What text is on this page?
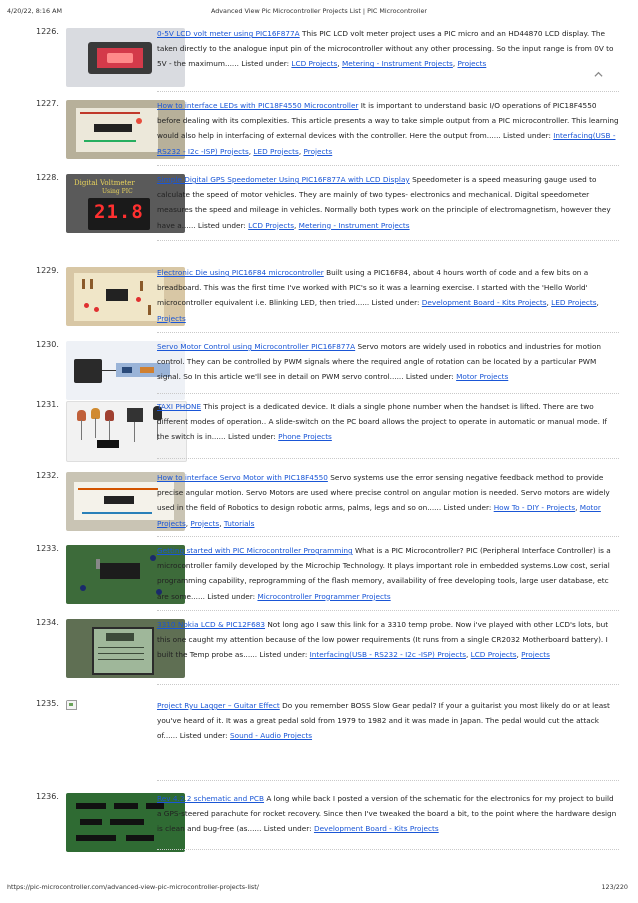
4/20/22, 8:16 AM	Advanced View Pic Microcontroller Projects List | PIC Microcontroller
1226.	0-5V LCD volt meter using PIC16F877A This PIC LCD volt meter project uses a PIC micro and an HD44870 LCD display. The taken directly to the analogue input pin of the microcontroller without any other processing. So the input range is from 0V to 5V - the maximum...... Listed under: LCD Projects, Metering - Instrument Projects, Projects
1227.	How to interface LEDs with PIC18F4550 Microcontroller It is important to understand basic I/O operations of PIC18F4550 before dealing with its complexities. This article presents a way to take simple output from a PIC microcontroller. This learning would also help in interfacing of external devices with the controller. Here the output from...... Listed under: Interfacing(USB - RS232 - I2c -ISP) Projects, LED Projects, Projects
1228.
Digital Voltmeter
Using PIC
21.8
Simple Digital GPS Speedometer Using PIC16F877A with LCD Display Speedometer is a speed measuring gauge used to calculate the speed of motor vehicles. They are mainly of two types- electronics and mechanical. Digital speedometer measures the speed and mileage in vehicles. Normally both types work on the principle of electromagnetism, however they have a...... Listed under: LCD Projects, Metering - Instrument Projects
1229.	Electronic Die using PIC16F84 microcontroller Built using a PIC16F84, about 4 hours worth of code and a few bits on a breadboard. This was the first time I've worked with PIC's so it was a learning exercise. I started with the 'Hello World' microcontroller equivalent i.e. Blinking LED, then tried...... Listed under: Development Board - Kits Projects, LED Projects, Projects
1230.	Servo Motor Control using Microcontroller PIC16F877A Servo motors are widely used in robotics and industries for motion control. They can be controlled by PWM signals where the required angle of rotation can be located by a particular PWM signal. So In this article we'll see in detail on PWM servo control...... Listed under: Motor Projects
1231.	TAXI PHONE This project is a dedicated device. It dials a single phone number when the handset is lifted. There are two different modes of operation.. A slide-switch on the PC board allows the project to operate in automatic or manual mode. If the switch is in...... Listed under: Phone Projects
1232.	How to interface Servo Motor with PIC18F4550 Servo systems use the error sensing negative feedback method to provide precise angular motion. Servo Motors are used where precise control on angular motion is needed. Servo motors are widely used in the field of Robotics to design robotic arms, palms, legs and so on...... Listed under: How To - DIY - Projects, Motor Projects, Projects, Tutorials
1233.	Getting started with PIC Microcontroller Programming What is a PIC Microcontroller? PIC (Peripheral Interface Controller) is a microcontroller family developed by the Microchip Technology. It plays important role in embedded systems.Low cost, serial programming capability, reprogramming of the flash memory, availability of free developing tools, large user database, etc are some...... Listed under: Microcontroller Programmer Projects
1234.	3310 Nokia LCD & PIC12F683 Not long ago I saw this link for a 3310 temp probe. Now i've played with other LCD's lots, but this one caught my attention because of the low power requirements (It runs from a single CR2032 Motherboard battery). I built the Temp probe as...... Listed under: Interfacing(USB - RS232 - I2c -ISP) Projects, LCD Projects, Projects
1235.	Project Ryu Lagger – Guitar Effect Do you remember BOSS Slow Gear pedal? If your a guitarist you most likely do or at least you've heard of it. It was a great pedal sold from 1979 to 1982 and it was made in Japan. The pedal would cut the attack of...... Listed under: Sound - Audio Projects
1236.	Rev 4.2.2 schematic and PCB A long while back I posted a version of the schematic for the electronics for my project to build a GPS-steered parachute for rocket recovery. Since then I've tweaked the board a bit, to the point where the hardware design is clean and bug-free (as...... Listed under: Development Board - Kits Projects
https://pic-microcontroller.com/advanced-view-pic-microcontroller-projects-list/	123/220
